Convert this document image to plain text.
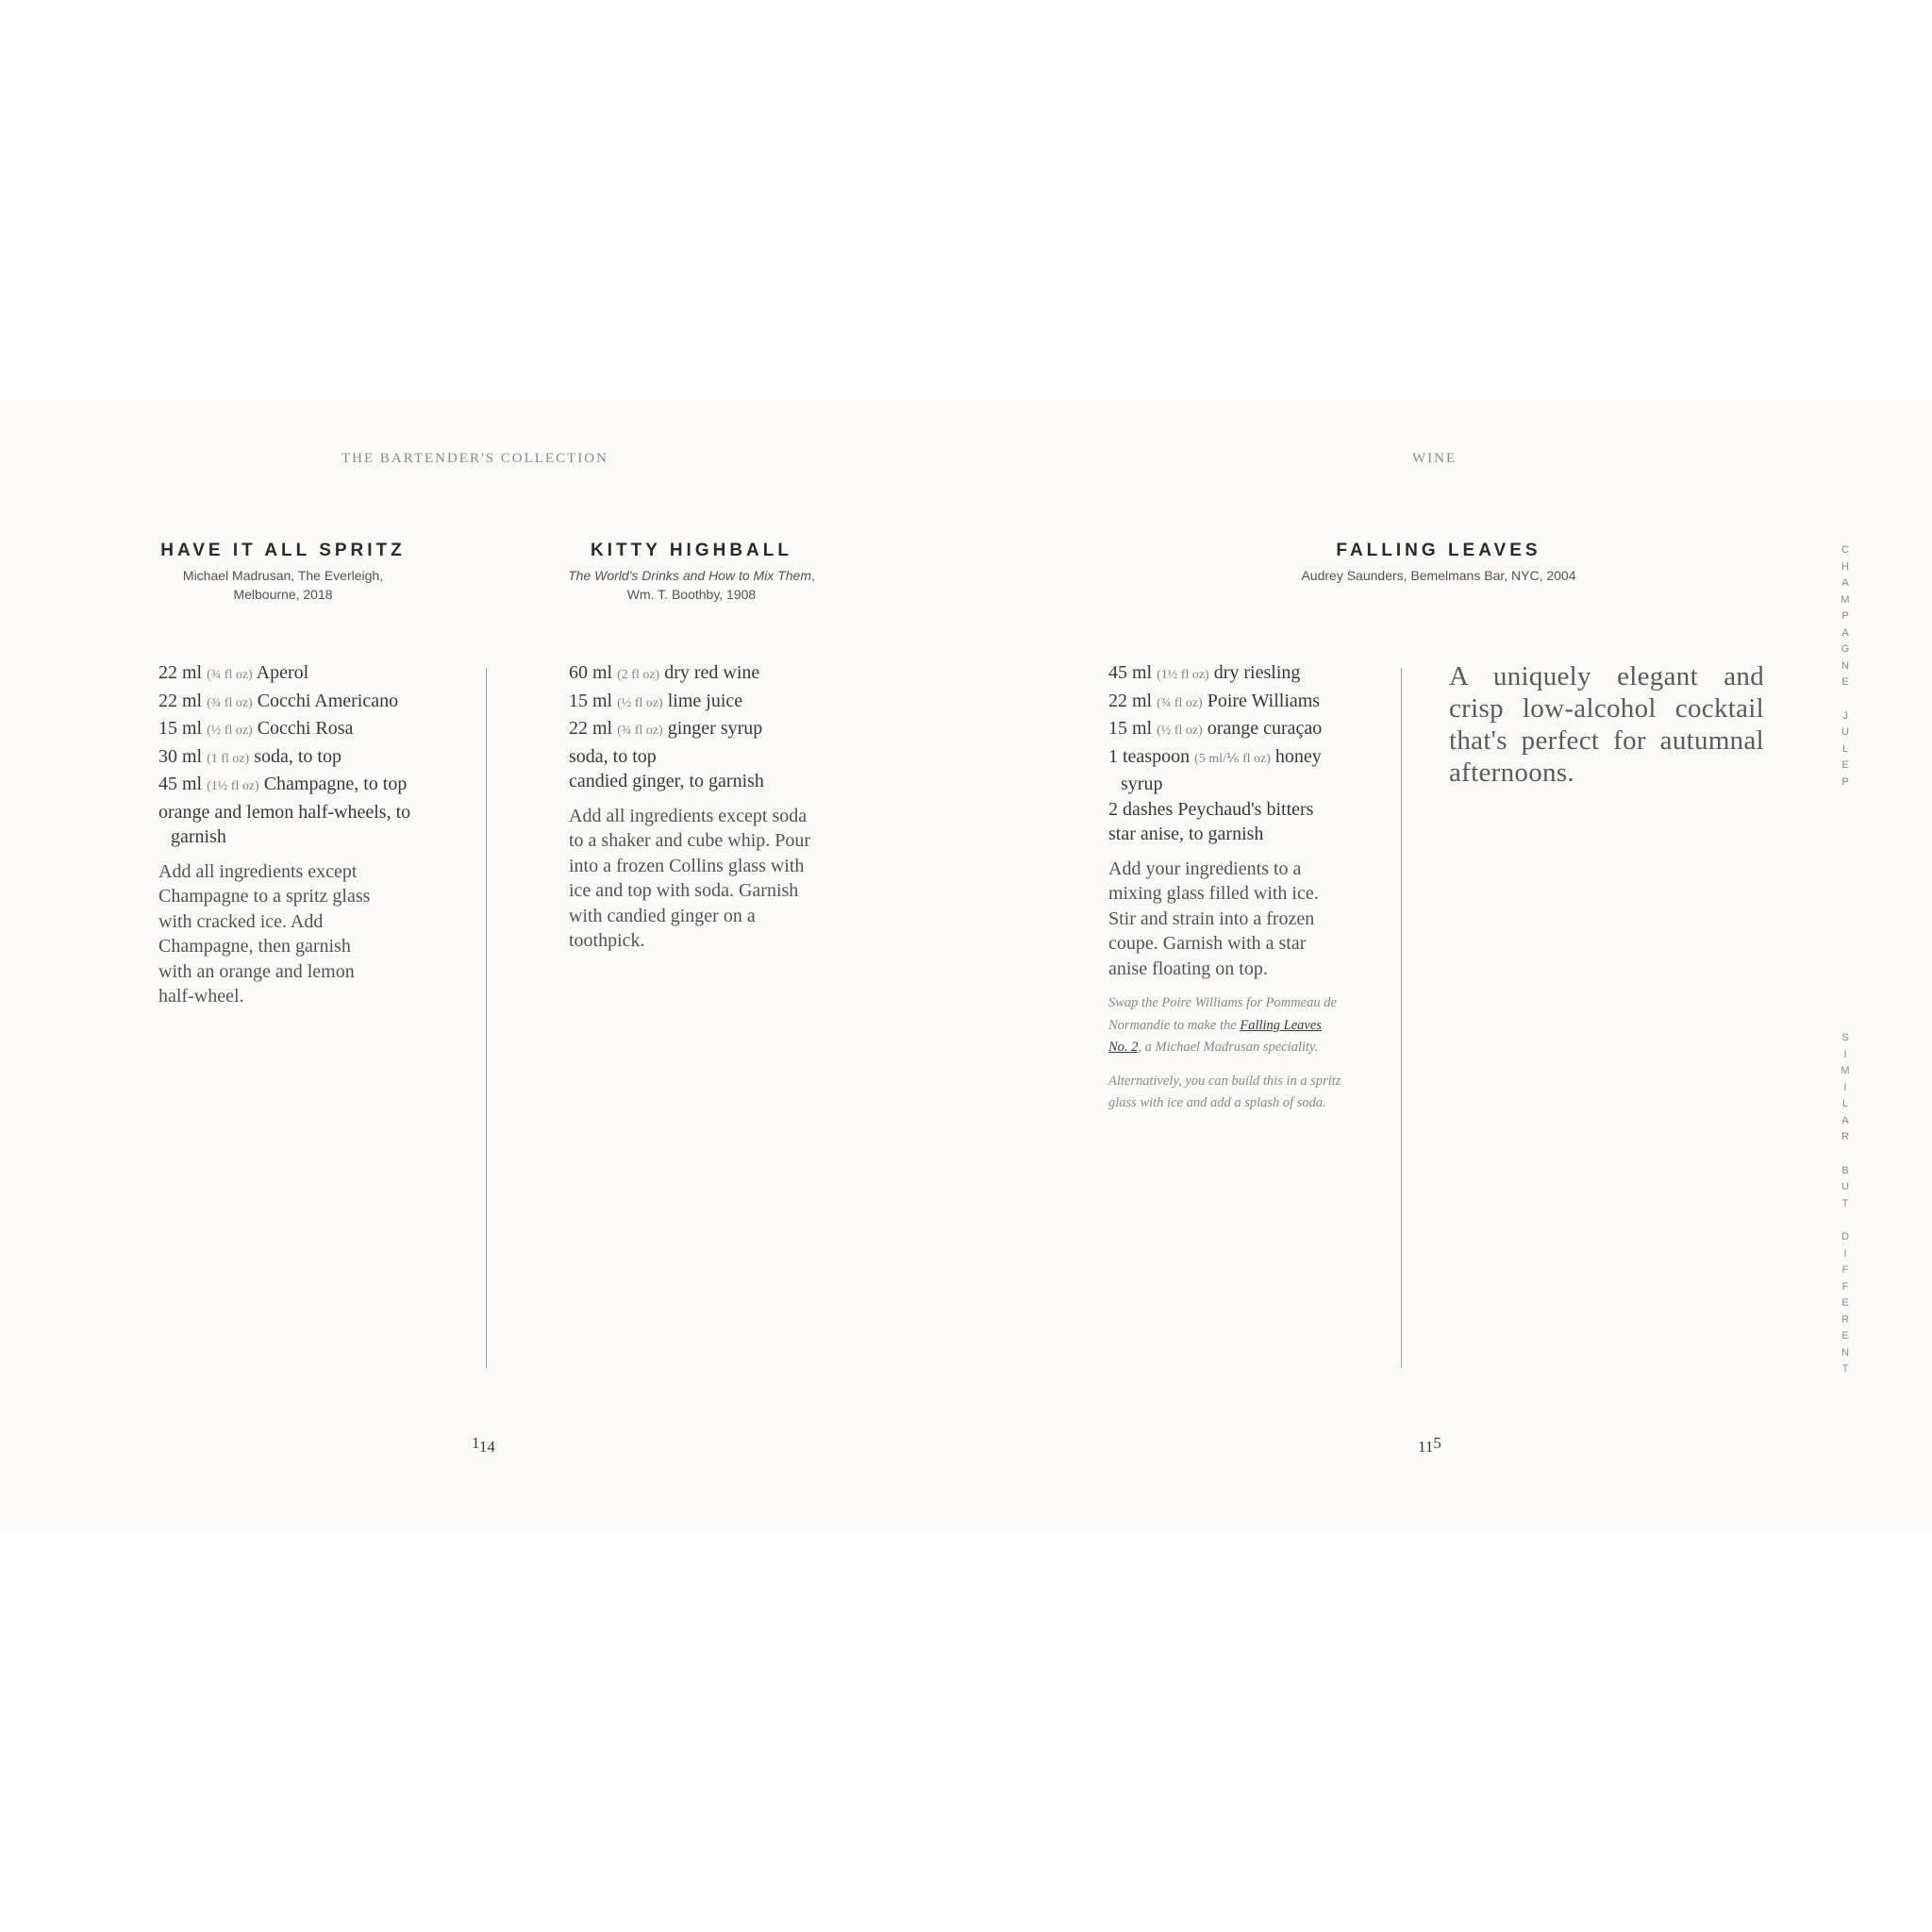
THE BARTENDER'S COLLECTION	WINE
HAVE IT ALL SPRITZ
Michael Madrusan, The Everleigh, Melbourne, 2018
KITTY HIGHBALL
The World's Drinks and How to Mix Them, Wm. T. Boothby, 1908
FALLING LEAVES
Audrey Saunders, Bemelmans Bar, NYC, 2004
22 ml (¾ fl oz) Aperol
22 ml (¾ fl oz) Cocchi Americano
15 ml (½ fl oz) Cocchi Rosa
30 ml (1 fl oz) soda, to top
45 ml (1½ fl oz) Champagne, to top
orange and lemon half-wheels, to garnish
Add all ingredients except Champagne to a spritz glass with cracked ice. Add Champagne, then garnish with an orange and lemon half-wheel.
60 ml (2 fl oz) dry red wine
15 ml (½ fl oz) lime juice
22 ml (¾ fl oz) ginger syrup
soda, to top
candied ginger, to garnish
Add all ingredients except soda to a shaker and cube whip. Pour into a frozen Collins glass with ice and top with soda. Garnish with candied ginger on a toothpick.
45 ml (1½ fl oz) dry riesling
22 ml (¾ fl oz) Poire Williams
15 ml (½ fl oz) orange curaçao
1 teaspoon (5 ml/⅙ fl oz) honey syrup
2 dashes Peychaud's bitters
star anise, to garnish
Add your ingredients to a mixing glass filled with ice. Stir and strain into a frozen coupe. Garnish with a star anise floating on top.
Swap the Poire Williams for Pommeau de Normandie to make the Falling Leaves No. 2, a Michael Madrusan speciality.
Alternatively, you can build this in a spritz glass with ice and add a splash of soda.
A uniquely elegant and crisp low-alcohol cocktail that's perfect for autumnal afternoons.
C
H
A
M
P
A
G
N
E
J
U
L
E
P
S
I
M
I
L
A
R
B
U
T
D
I
F
F
E
R
E
N
T
114	115
